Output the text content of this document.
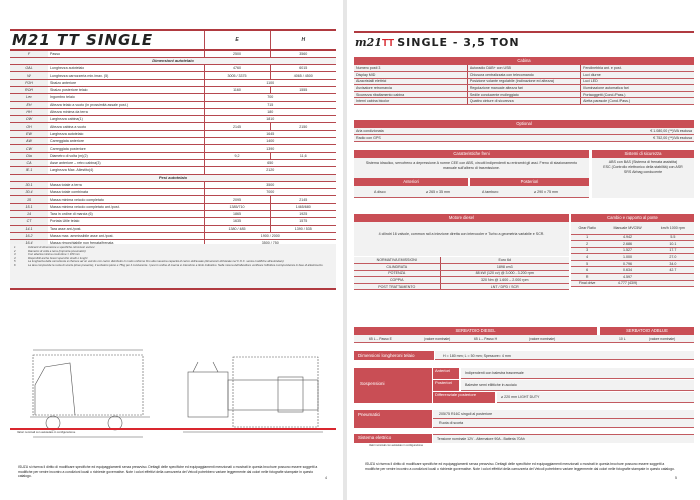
M21 TT SINGLE		E	H
F	Passo	2500	3560
Dimensioni autotelaio			
OAL	Lunghezza autotelaio	4760	6015
W	Lunghezza carrozzeria min./max. (5)	3005 / 3375	4065 / 4500
FOH	Sbalzo anteriore	1100	
ROH	Sbalzo posteriore telaio	1160	1555
Lec	Ingombro telaio	700	
EH	Altezza telaio a vuoto (in prossimità assale post.)	715	
HH	Altezza minima da terra	180	
OW	Larghezza cabina(1)	1810	
OH	Altezza cabina a vuoto	2145	2150
EW	Larghezza autotelaio	1645	
AW	Carreggiata anteriore	1400	
CW	Carreggiata posteriore	1390	
Dia	Diametro di volta (m)(2)	9,2	11,6
CA	Asse anteriore – retro cabina(3)	650	
IE.1	Larghezza Max. Allestito(4)	2120	
Pesi autotelaio			
30.1	Massa totale a terra	3500	
30.4	Massa totale combinata	7000	
15	Massa minima veicolo completato	2095	2145
15.1	Massa minima veicolo completato ant./post.	1385/710	1465/680
14	Tara in ordine di marcia (6)	1865	1925
CT	Portata Utile telaio	1635	1575
14.1	Tara asse ant./post.	1380 / 485	1390 / 535
16.2	Massa max. ammissibile asse ant./post.	1900 / 2000	

1	Indicanti di dimensione e specifiche retrovisori esclusi
2	Diametro di volta a terra (impronta pneumatici)
3	Con altezza minima costruttore = 180 mm
4	Disponibili anche bracci specchio stretti o lunghi
5	La lunghezza della carrozzeria si riferisce ad un veicolo con carico distribuito in modo uniforme fino alla massima capacità di carico dell'assale (dimensioni dichiarate nel C.O.C. senza modifiche all'autotelaio)
6	La tara comprende la ruota di scorta (dove presente), il serbatoio pieno e 75kg per il conducente. I pesi in ordine di marcia si intendono a titolo indicativo. Nella misura dell'allestitore verificare l'effettiva corrispondenza in fase di allestimento.
Valori nominali con autotelaio in configurazione
ISUZU si riserva il diritto di modificare specifiche ed equipaggiamenti senza preavviso. Dettagli delle specifiche ed equipaggiamenti menzionati o mostrati in questa brochure possono essere soggetti a modifiche per venire incontro a condizioni locali o richieste governative. Note i colori effettivi della carrozzeria dei Veicoli potrebbero variare leggermente dai colori nelle fotografie stampate in questo catalogo.	4
m21TT SINGLE - 3,5 TON
Cabina
Numero posti 3	Autoradio DAB+ con USB	Fendinebbia ant. e post.
Display MID	Chiusura centralizzata con telecomando	Luci diurne
Alzacristalli elettrici	Posizione volante regolabile (inclinazione ed altezza)	Luci LED
Avvisatore retromarcia	Regolazione manuale altezza fari	Illuminazione automatica fari
Sicurezza ribaltamento cabina	Sedile conducente molleggiato	Portaoggetti (Cond./Pass.)
Interni cabina bicolor	Quattro cinture di sicurezza	Aletta parasole (Cond./Pass.)
Optional
Aria condizionata	€ 1.080,00 (**)IVA esclusa
Radio con GPS	€ 752,00 (**)IVA esclusa
Caratteristiche freni
Sistema idraulico, servofreno a depressione A norme CEE con ABS, circuiti indipendenti su entrambi gli assi. Freno di stazionamento manuale sull'albero di trasmissione.
Anteriori	Posteriori
A disco	⌀ 265 x 35 mm	A tamburo	⌀ 290 x 75 mm
Sistemi di sicurezza
ABS con BAS (Sistema di frenata assistita)
ESC (Controllo elettronico della stabilità) con ASR
SRS Airbag conducente
Motore diesel
4 cilindri 16 valvole, common rail a iniezione diretta con intercooler e Turbo a geometria variabile e SCR.
NORMATIVA EMISSIONI	Euro 6d
CILINDRATA	1898 cm3
POTENZA	88 kW (120 cv) @ 3.000 - 3.200 rpm
COPPIA	320 Nm @ 1.600 – 2.000 rpm
POST TRATTAMENTO	LNT / DPD / SCR
Cambio e rapporto al ponte
Gear Ratio	Manuale MVC5W	km/h 1000 rpm
1	4.942	5.5
2	2.686	10.1
3	1.527	17.7
4	1.000	27.0
5	0.796	34.0
6	0.634	42.7
R	4.597	
Final drive	4.777 (43/9)	
SERBATOIO DIESEL	SERBATOIO ADBLUE
65 L – Passo E	(valore nominale)	65 L – Passo H	(valore nominale)	10 L	(valore nominale)
Dimensioni longheroni telaio	H = 180 mm; L = 50 mm; Spessore= 4 mm
Sospensioni
Anteriori	Indipendenti con balestra trasversale
Posteriori	Balestre semi ellittiche in acciaio
Differenziale posteriore	⌀ 220 mm LIGHT DUTY
Pneumatici	205/75 R16C singoli al posteriore
Ruota di scorta
Sistema elettrico	Tensione nominale 12V - Alternatore 90A - Batteria 70Ah
Valori nominali con autotelaio in configurazione
ISUZU si riserva il diritto di modificare specifiche ed equipaggiamenti senza preavviso. Dettagli delle specifiche ed equipaggiamenti menzionati o mostrati in questa brochure possono essere soggetti a modifiche per venire incontro a condizioni locali o richieste governative. Note i colori effettivi della carrozzeria dei Veicoli potrebbero variare leggermente dai colori nelle fotografie stampate in questo catalogo.
5
